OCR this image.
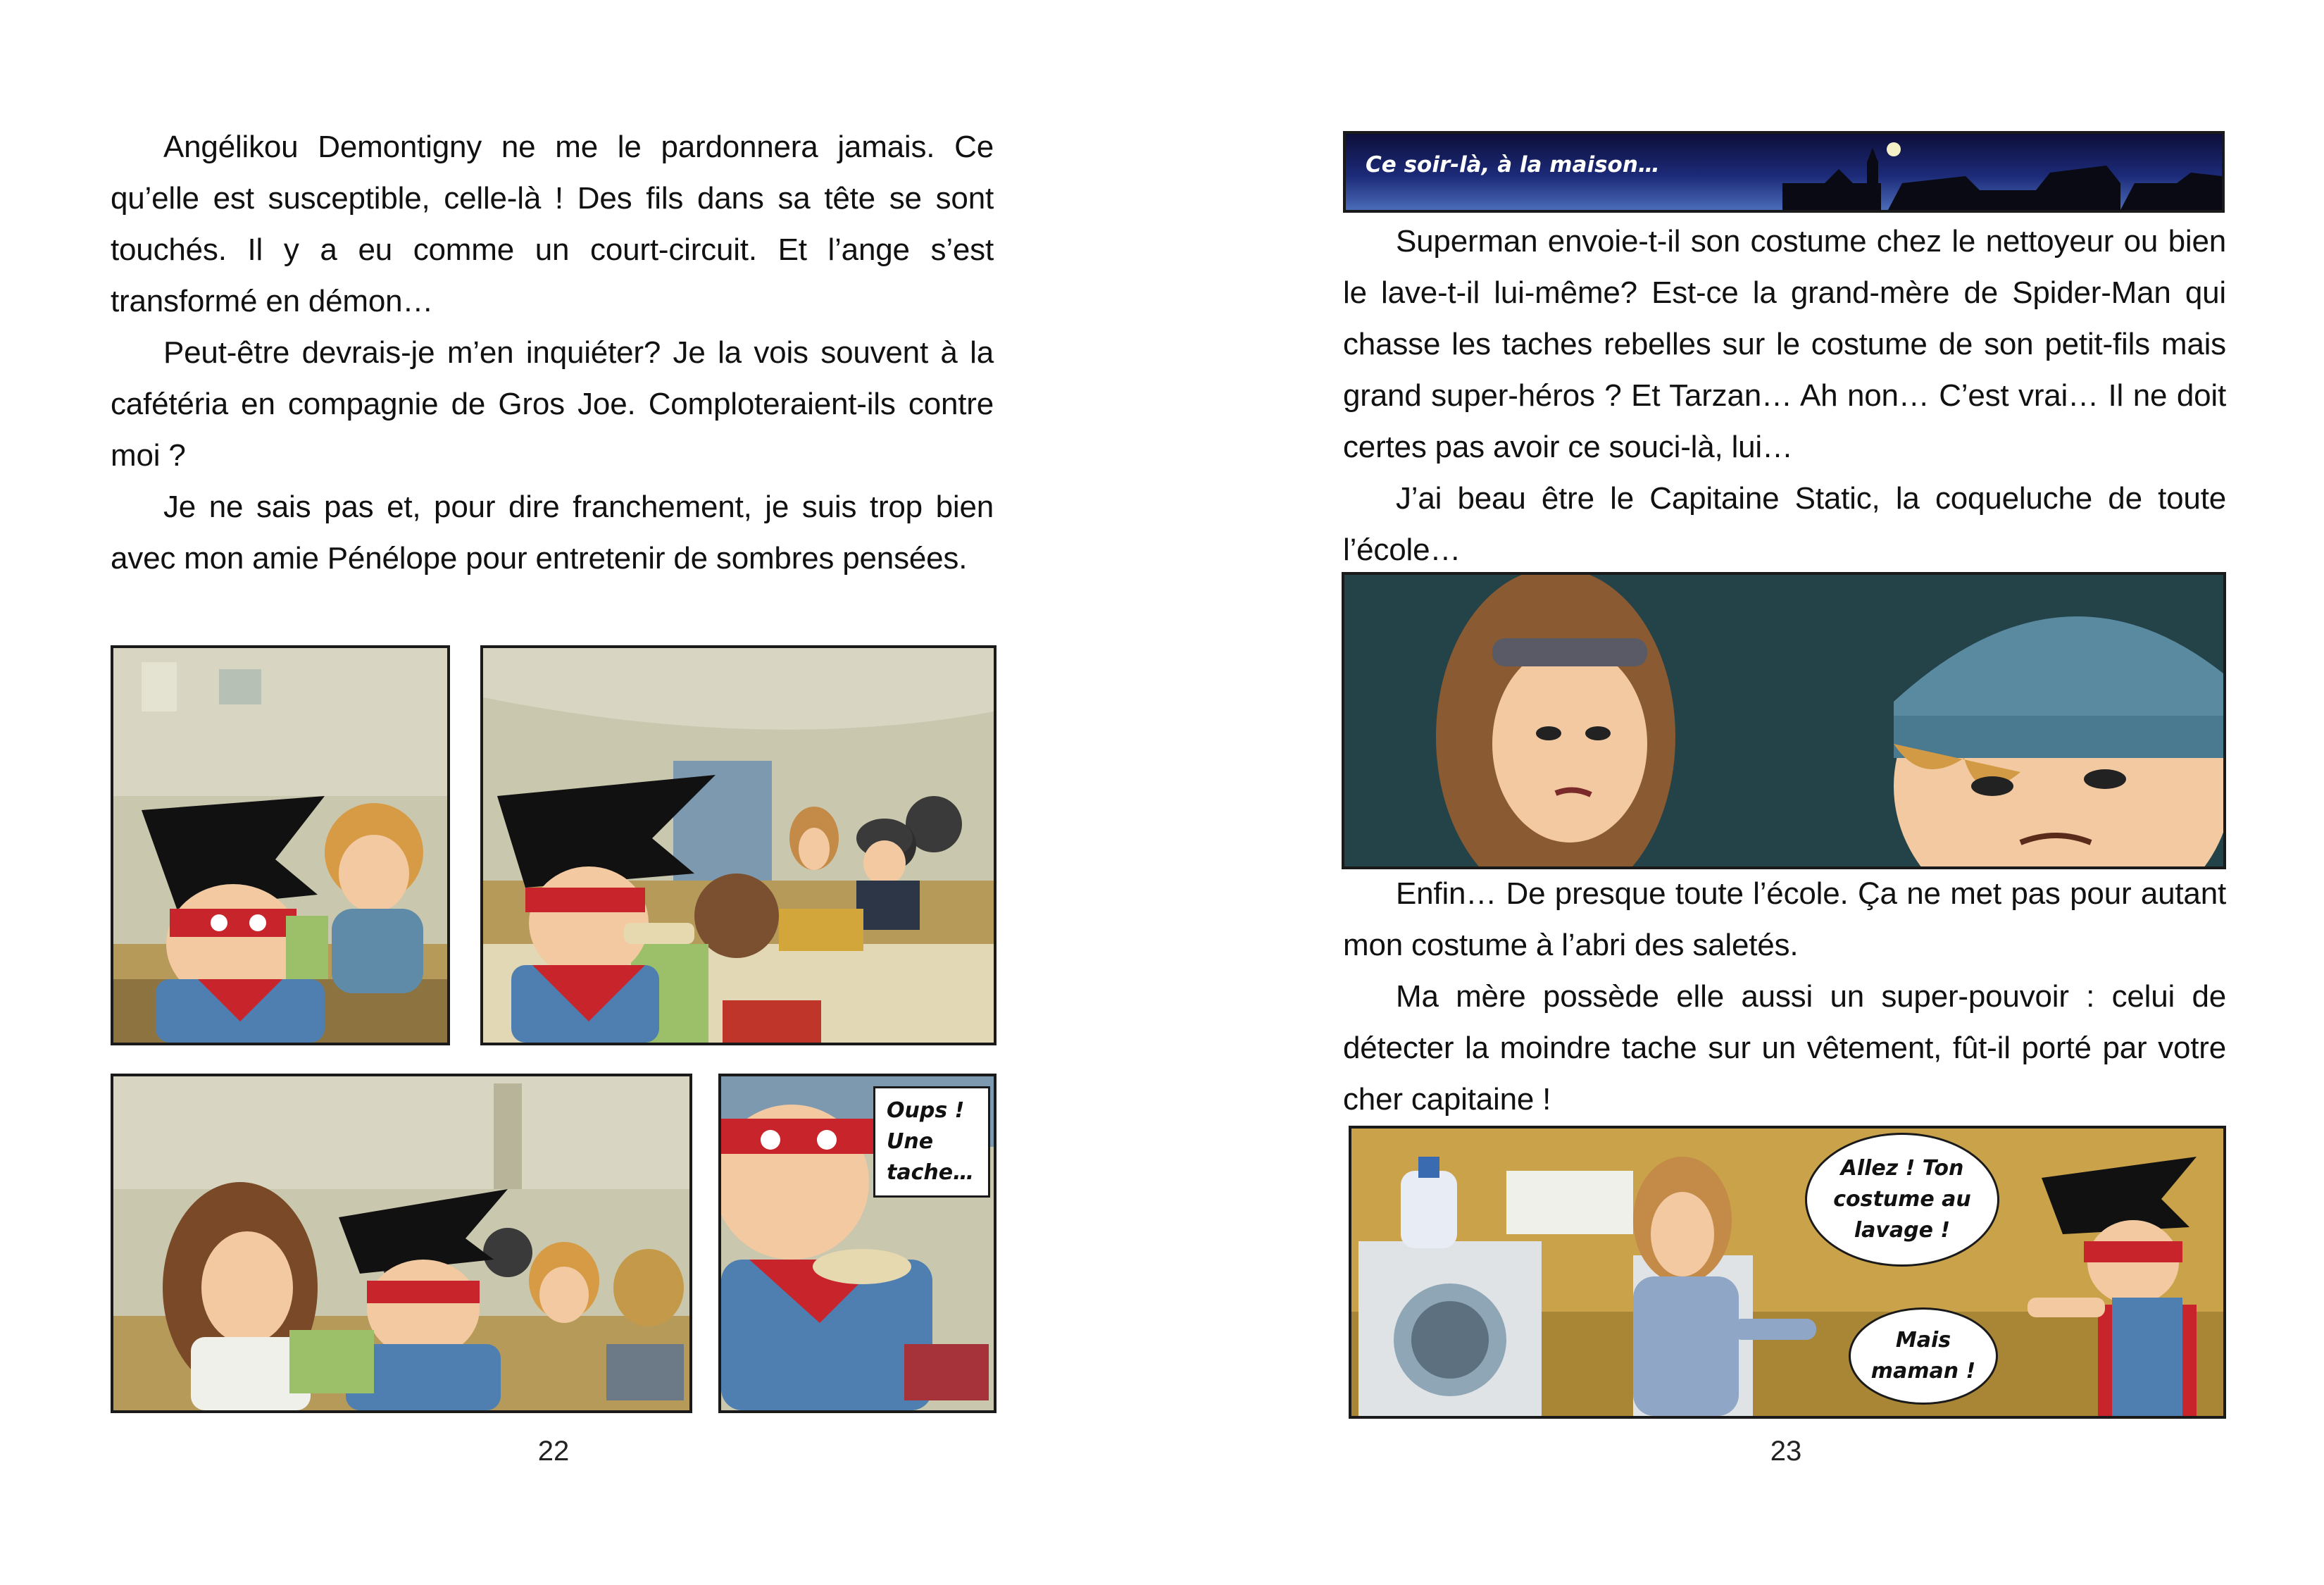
Angélikou Demontigny ne me le pardonnera jamais. Ce qu’elle est susceptible, celle-là ! Des fils dans sa tête se sont touchés. Il y a eu comme un court-circuit. Et l’ange s’est transformé en démon…

Peut-être devrais-je m’en inquiéter? Je la vois souvent à la cafétéria en compagnie de Gros Joe. Comploteraient-ils contre moi ?

Je ne sais pas et, pour dire franchement, je suis trop bien avec mon amie Pénélope pour entretenir de sombres pensées.

Oups !
Une
tache…
22
Ce soir-là, à la maison…

Superman envoie-t-il son costume chez le nettoyeur ou bien le lave-t-il lui-même? Est-ce la grand-mère de Spider-Man qui chasse les taches rebelles sur le costume de son petit-fils mais grand super-héros ? Et Tarzan… Ah non… C’est vrai… Il ne doit certes pas avoir ce souci-là, lui…

J’ai beau être le Capitaine Static, la coqueluche de toute l’école…

Enfin… De presque toute l’école. Ça ne met pas pour autant mon costume à l’abri des saletés.

Ma mère possède elle aussi un super-pouvoir : celui de détecter la moindre tache sur un vêtement, fût-il porté par votre cher capitaine !

Allez ! Ton
costume au
lavage !
Mais
maman !
23
